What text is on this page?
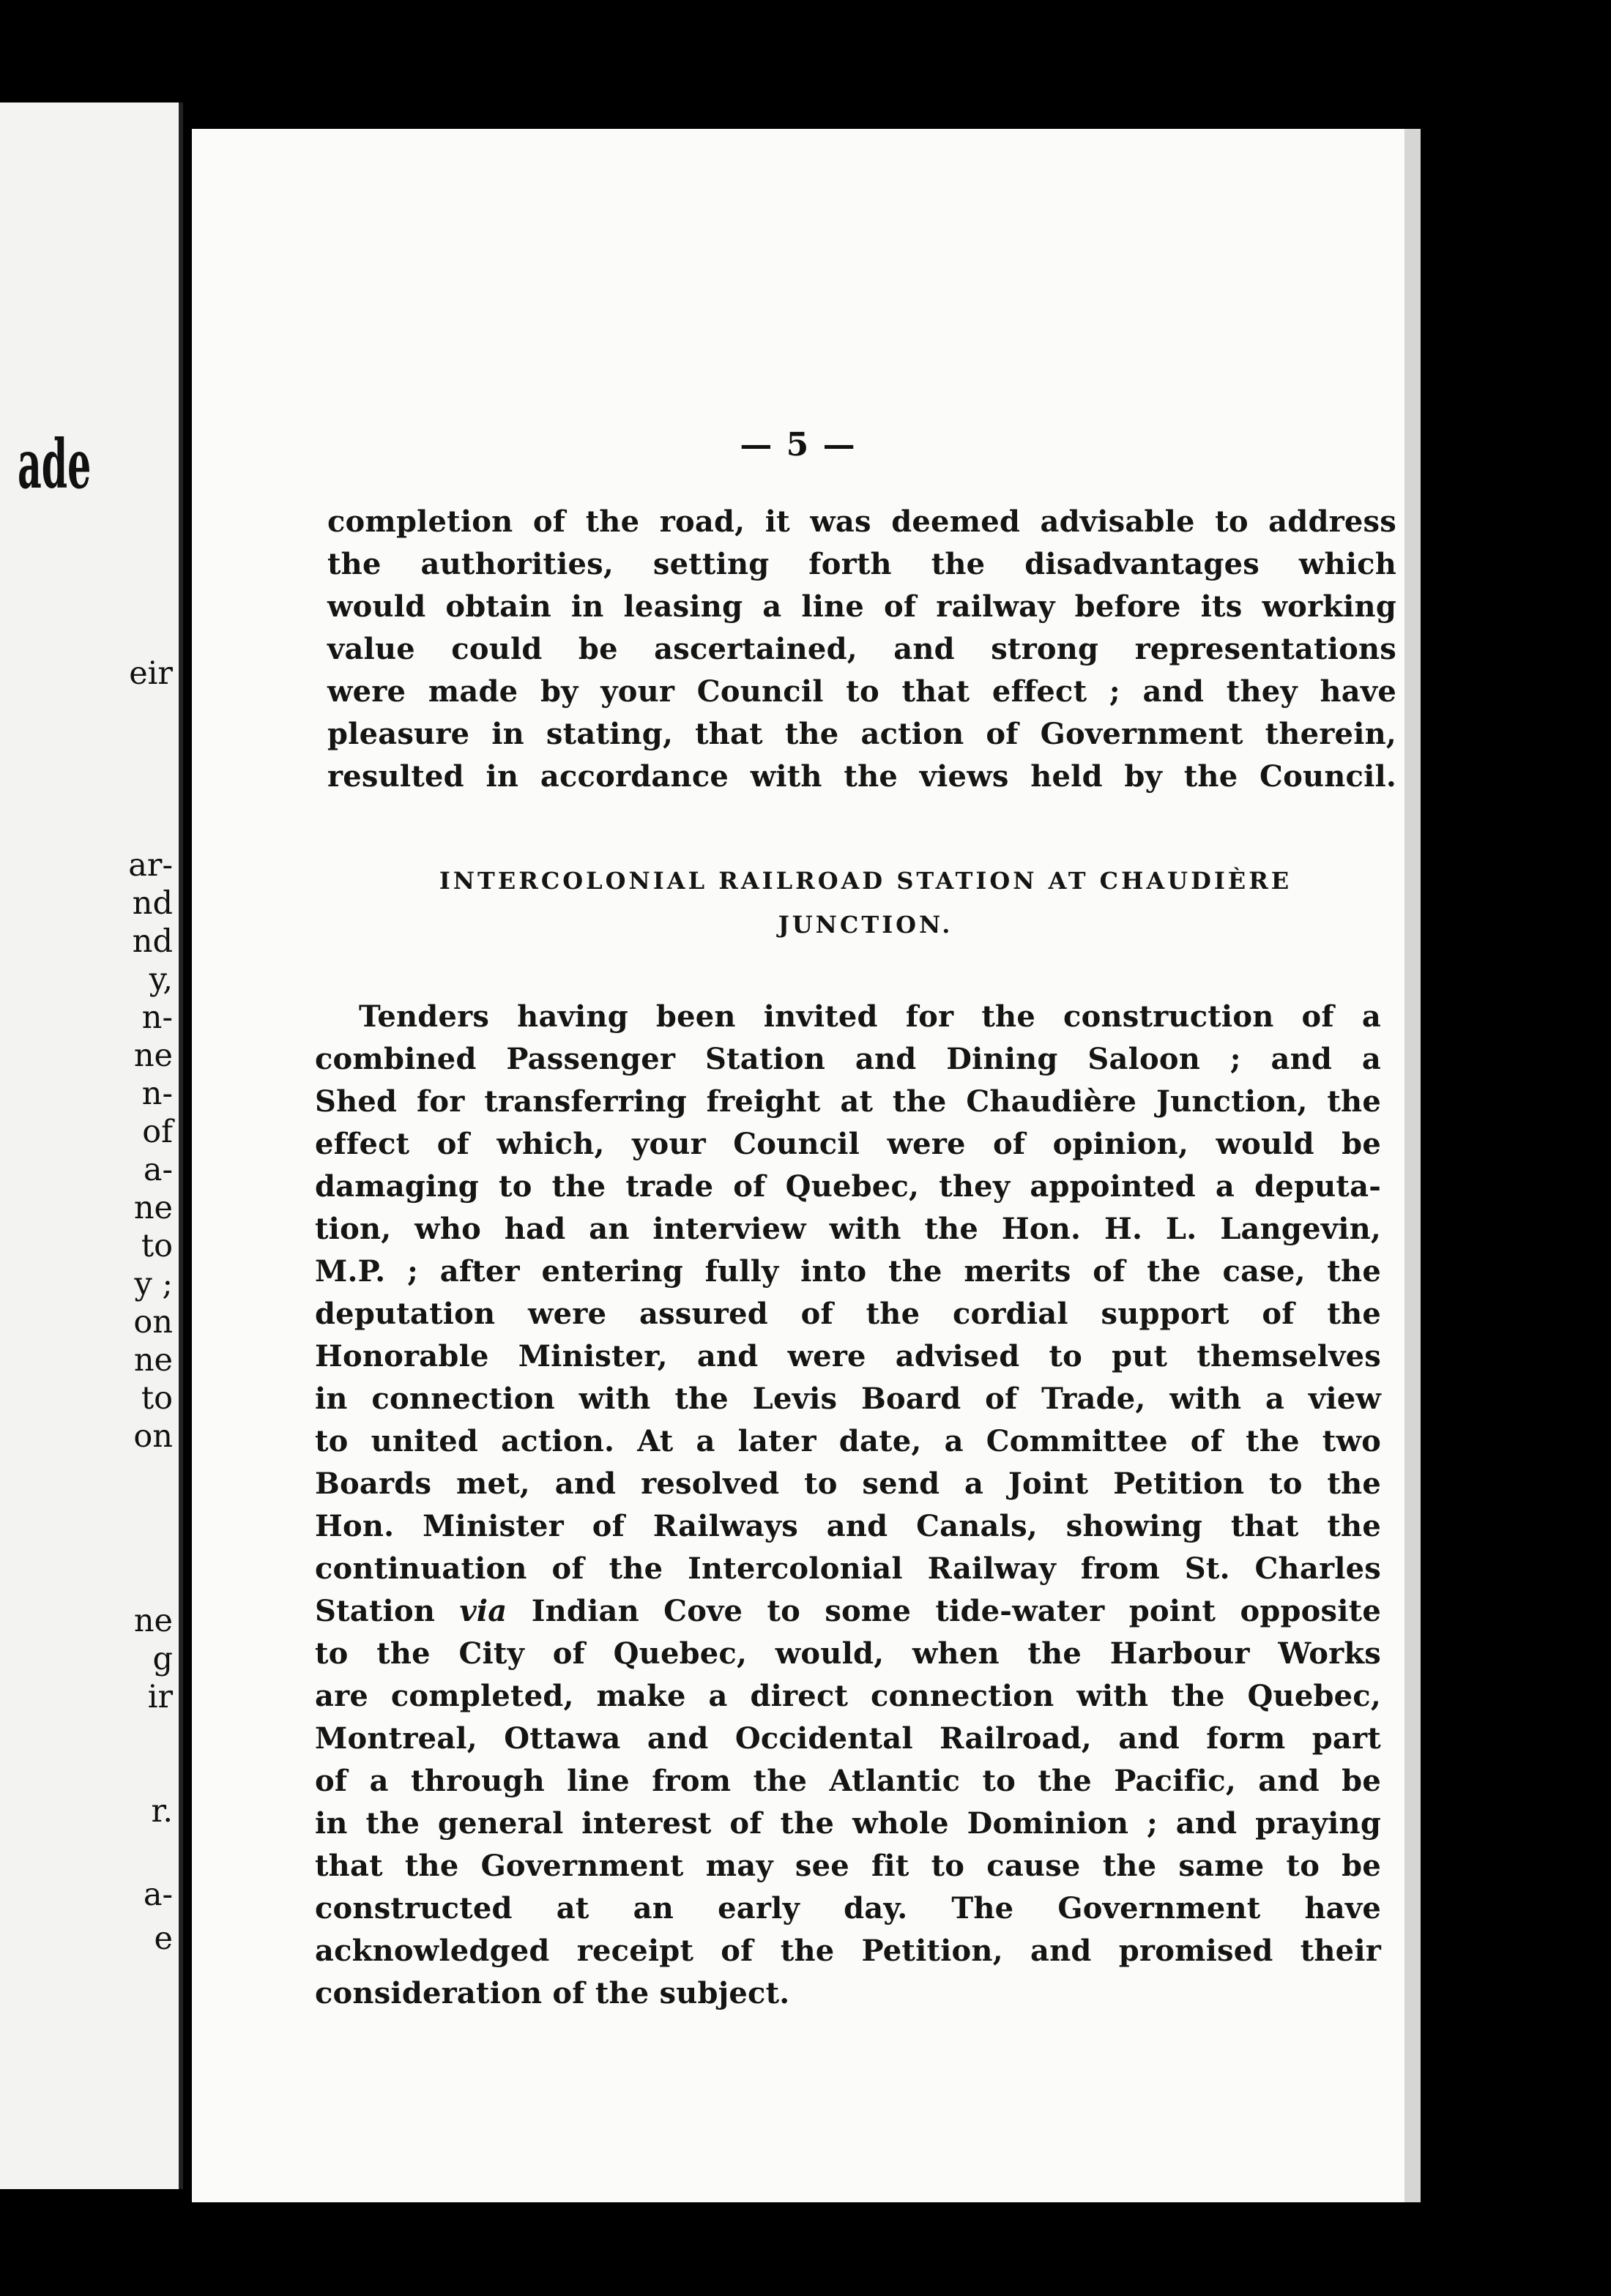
ade
eir
ar-
nd
nd
y,
n-
ne
n-
of
a-
ne
to
y ;
on
ne
to
on
ne
g
ir
r.
a-
e
— 5 —
completion of the road, it was deemed advisable to address
the authorities, setting forth the disadvantages which
would obtain in leasing a line of railway before its working
value could be ascertained, and strong representations
were made by your Council to that effect ; and they have
pleasure in stating, that the action of Government therein,
resulted in accordance with the views held by the Council.
INTERCOLONIAL RAILROAD STATION AT CHAUDIÈRE
JUNCTION.
Tenders having been invited for the construction of a
combined Passenger Station and Dining Saloon ; and a
Shed for transferring freight at the Chaudière Junction, the
effect of which, your Council were of opinion, would be
damaging to the trade of Quebec, they appointed a deputa-
tion, who had an interview with the Hon. H. L. Langevin,
M.P. ; after entering fully into the merits of the case, the
deputation were assured of the cordial support of the
Honorable Minister, and were advised to put themselves
in connection with the Levis Board of Trade, with a view
to united action. At a later date, a Committee of the two
Boards met, and resolved to send a Joint Petition to the
Hon. Minister of Railways and Canals, showing that the
continuation of the Intercolonial Railway from St. Charles
Station via Indian Cove to some tide-water point opposite
to the City of Quebec, would, when the Harbour Works
are completed, make a direct connection with the Quebec,
Montreal, Ottawa and Occidental Railroad, and form part
of a through line from the Atlantic to the Pacific, and be
in the general interest of the whole Dominion ; and praying
that the Government may see fit to cause the same to be
constructed at an early day. The Government have
acknowledged receipt of the Petition, and promised their
consideration of the subject.
